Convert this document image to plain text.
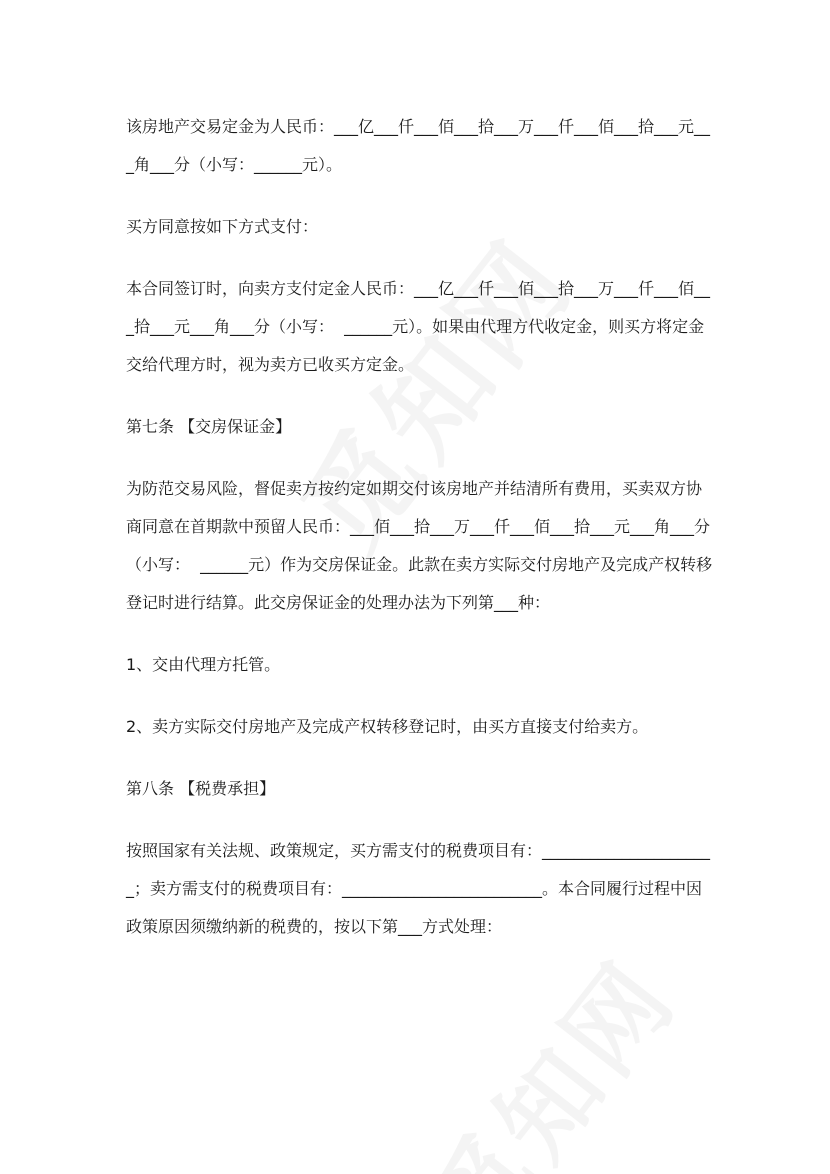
该房地产交易定金为人民币：___亿___仟___佰___拾___万___仟___佰___拾___元___角___分（小写：______元）。

买方同意按如下方式支付：

本合同签订时，向卖方支付定金人民币：___亿___仟___佰___拾___万___仟___佰___拾___元___角___分（小写：  ______元）。如果由代理方代收定金，则买方将定金交给代理方时，视为卖方已收买方定金。

第七条 【交房保证金】

为防范交易风险，督促卖方按约定如期交付该房地产并结清所有费用，买卖双方协商同意在首期款中预留人民币：___佰___拾___万___仟___佰___拾___元___角___分（小写：  ______元）作为交房保证金。此款在卖方实际交付房地产及完成产权转移登记时进行结算。此交房保证金的处理办法为下列第___种：

1、交由代理方托管。

2、卖方实际交付房地产及完成产权转移登记时，由买方直接支付给卖方。

第八条 【税费承担】

按照国家有关法规、政策规定，买方需支付的税费项目有：______________________；卖方需支付的税费项目有：_________________________。本合同履行过程中因政策原因须缴纳新的税费的，按以下第___方式处理：
